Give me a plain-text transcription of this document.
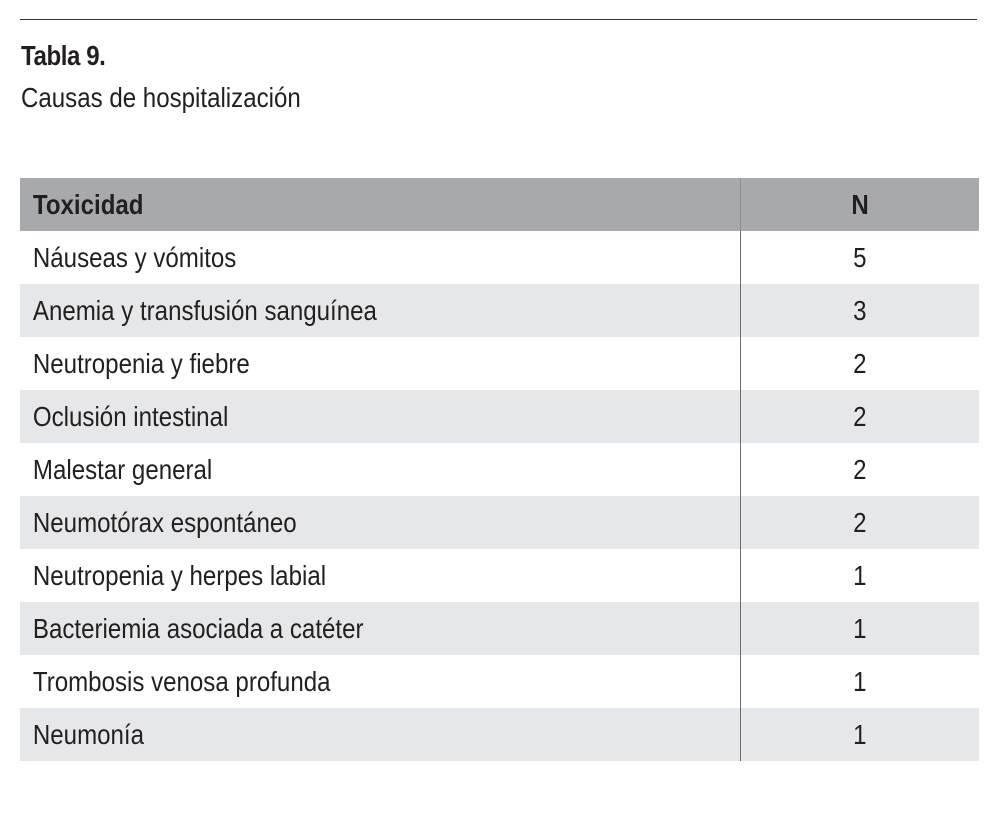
Tabla 9.
Causas de hospitalización
Toxicidad	N
Náuseas y vómitos	5
Anemia y transfusión sanguínea	3
Neutropenia y fiebre	2
Oclusión intestinal	2
Malestar general	2
Neumotórax espontáneo	2
Neutropenia y herpes labial	1
Bacteriemia asociada a catéter	1
Trombosis venosa profunda	1
Neumonía	1
